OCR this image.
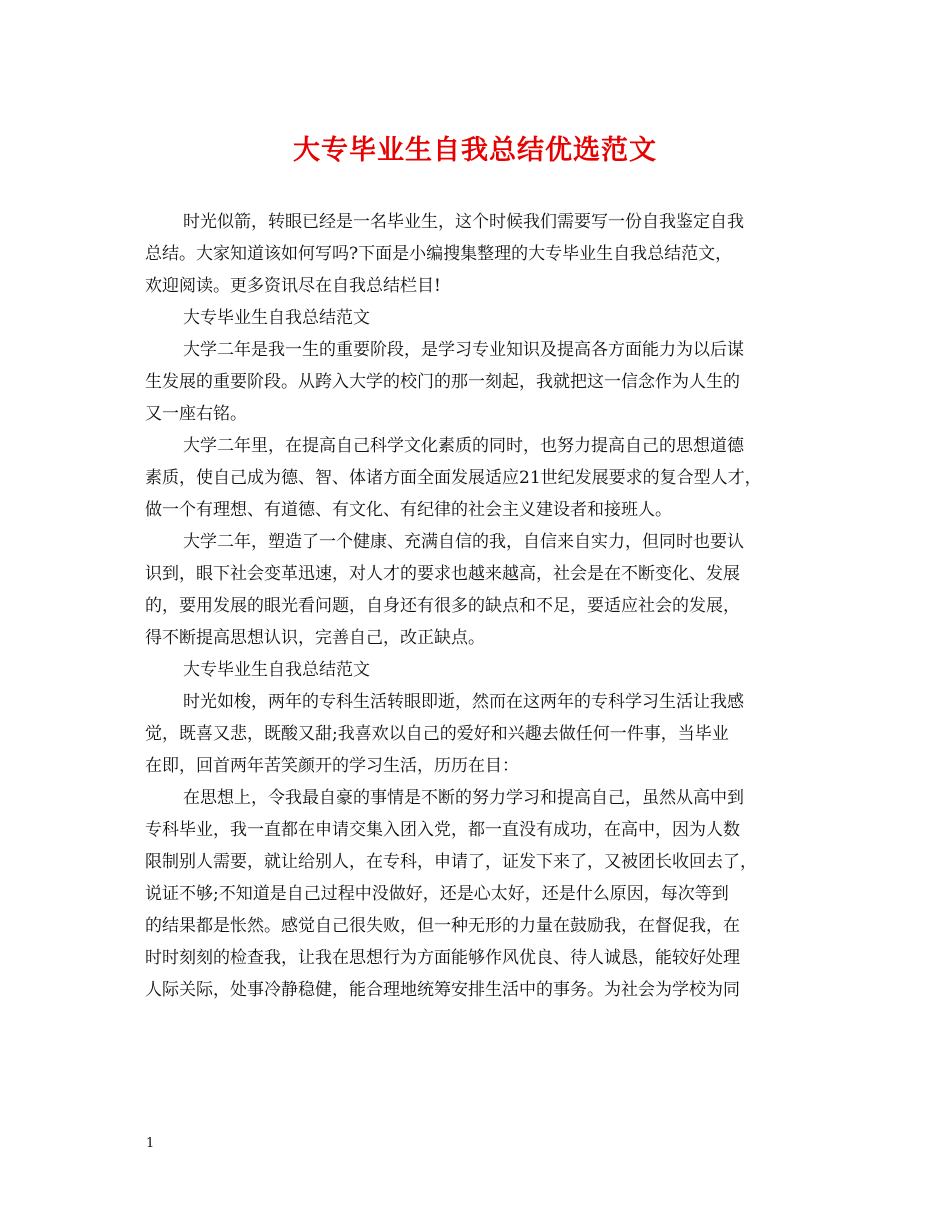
大专毕业生自我总结优选范文
时光似箭，转眼已经是一名毕业生，这个时候我们需要写一份自我鉴定自我
总结。大家知道该如何写吗?下面是小编搜集整理的大专毕业生自我总结范文，
欢迎阅读。更多资讯尽在自我总结栏目!
大专毕业生自我总结范文
大学二年是我一生的重要阶段，是学习专业知识及提高各方面能力为以后谋
生发展的重要阶段。从跨入大学的校门的那一刻起，我就把这一信念作为人生的
又一座右铭。
大学二年里，在提高自己科学文化素质的同时，也努力提高自己的思想道德
素质，使自己成为德、智、体诸方面全面发展适应21世纪发展要求的复合型人才，
做一个有理想、有道德、有文化、有纪律的社会主义建设者和接班人。
大学二年，塑造了一个健康、充满自信的我，自信来自实力，但同时也要认
识到，眼下社会变革迅速，对人才的要求也越来越高，社会是在不断变化、发展
的，要用发展的眼光看问题，自身还有很多的缺点和不足，要适应社会的发展，
得不断提高思想认识，完善自己，改正缺点。
大专毕业生自我总结范文
时光如梭，两年的专科生活转眼即逝，然而在这两年的专科学习生活让我感
觉，既喜又悲，既酸又甜;我喜欢以自己的爱好和兴趣去做任何一件事，当毕业
在即，回首两年苦笑颜开的学习生活，历历在目：
在思想上，令我最自豪的事情是不断的努力学习和提高自己，虽然从高中到
专科毕业，我一直都在申请交集入团入党，都一直没有成功，在高中，因为人数
限制别人需要，就让给别人，在专科，申请了，证发下来了，又被团长收回去了，
说证不够;不知道是自己过程中没做好，还是心太好，还是什么原因，每次等到
的结果都是怅然。感觉自己很失败，但一种无形的力量在鼓励我，在督促我，在
时时刻刻的检查我，让我在思想行为方面能够作风优良、待人诚恳，能较好处理
人际关际，处事冷静稳健，能合理地统筹安排生活中的事务。为社会为学校为同
1
